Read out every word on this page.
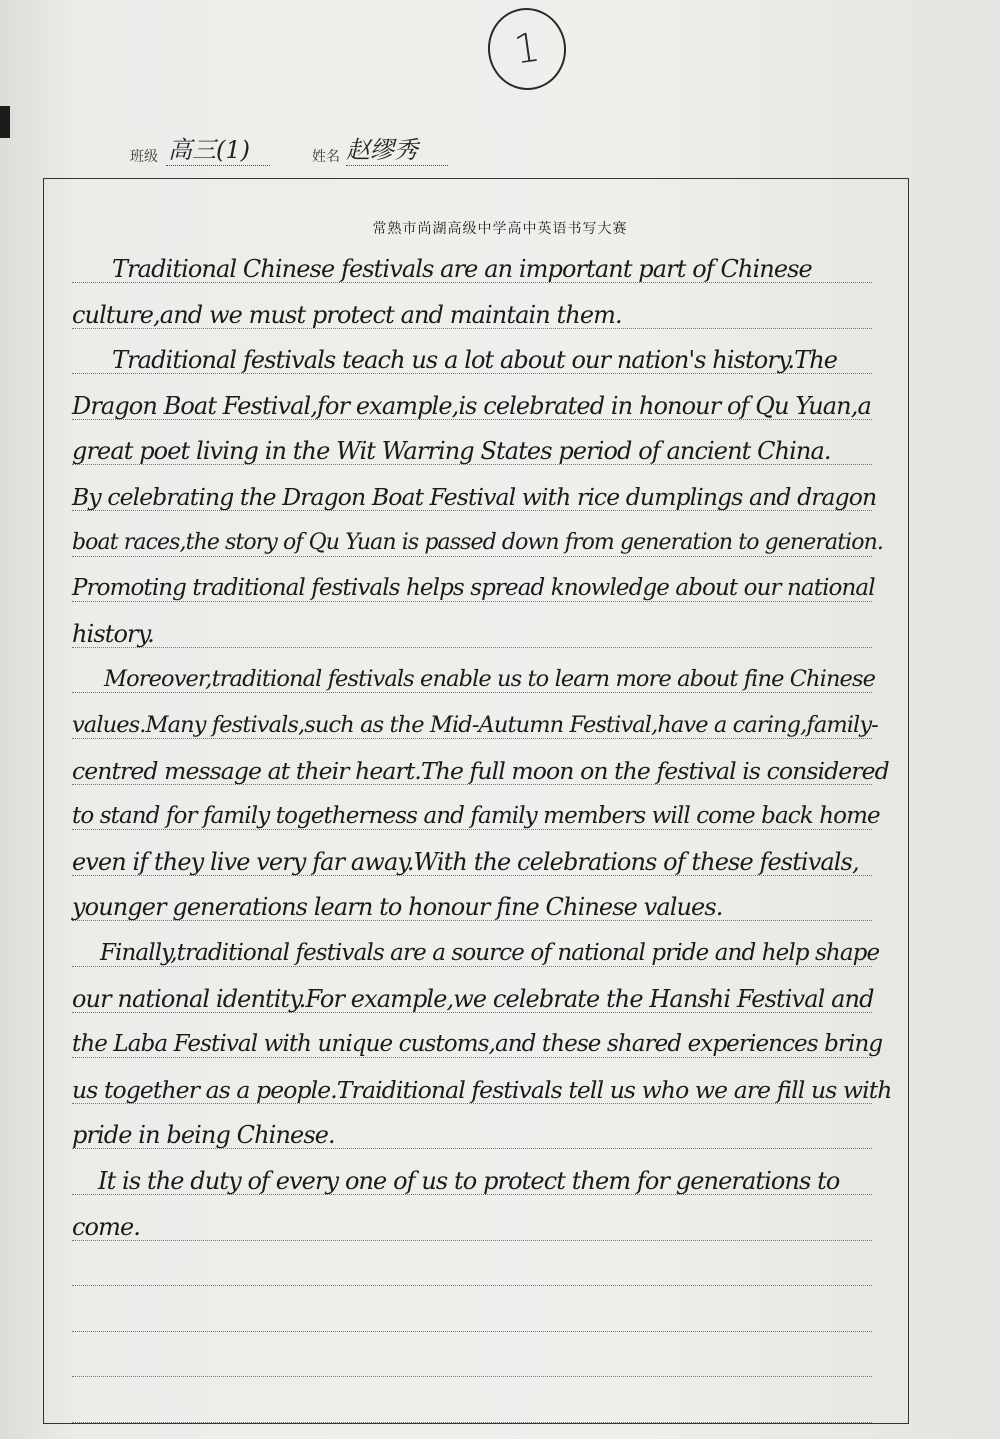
1
班级 高三(1)	姓名 赵缪秀
常熟市尚湖高级中学高中英语书写大赛
Traditional Chinese festivals are an important part of Chinese
culture,and we must protect and maintain them.
Traditional festivals teach us a lot about our nation's history.The
Dragon Boat Festival,for example,is celebrated in honour of Qu Yuan,a
great poet living in the Wit Warring States period of ancient China.
By celebrating the Dragon Boat Festival with rice dumplings and dragon
boat races,the story of Qu Yuan is passed down from generation to generation.
Promoting traditional festivals helps spread knowledge about our national
history.
Moreover,traditional festivals enable us to learn more about fine Chinese
values.Many festivals,such as the Mid-Autumn Festival,have a caring,family-
centred message at their heart.The full moon on the festival is considered
to stand for family togetherness and family members will come back home
even if they live very far away.With the celebrations of these festivals,
younger generations learn to honour fine Chinese values.
Finally,traditional festivals are a source of national pride and help shape
our national identity.For example,we celebrate the Hanshi Festival and
the Laba Festival with unique customs,and these shared experiences bring
us together as a people.Traiditional festivals tell us who we are fill us with
pride in being Chinese.
It is the duty of every one of us to protect them for generations to
come.
